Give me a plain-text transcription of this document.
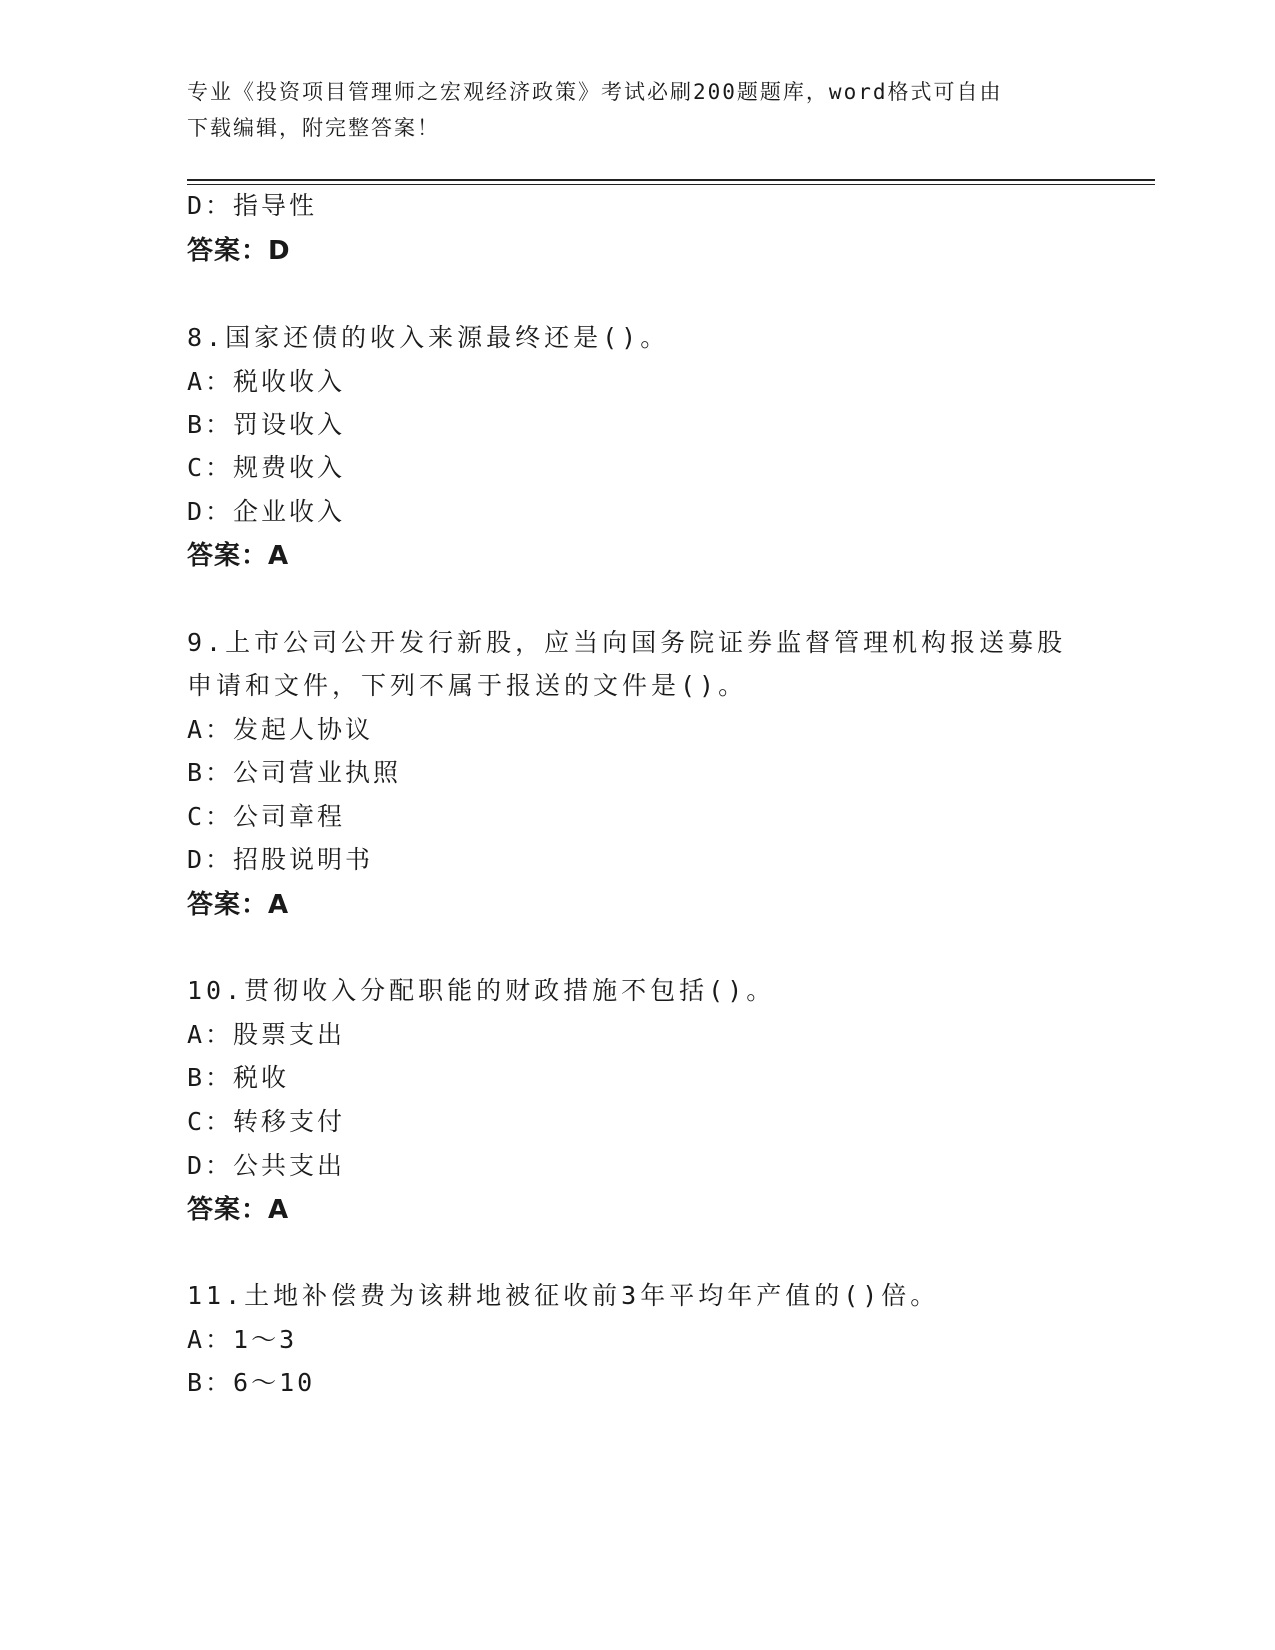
专业《投资项目管理师之宏观经济政策》考试必刷200题题库，word格式可自由
下载编辑，附完整答案！
D：指导性
答案：D
8.国家还债的收入来源最终还是()。
A：税收收入
B：罚设收入
C：规费收入
D：企业收入
答案：A
9.上市公司公开发行新股，应当向国务院证券监督管理机构报送募股
申请和文件，下列不属于报送的文件是()。
A：发起人协议
B：公司营业执照
C：公司章程
D：招股说明书
答案：A
10.贯彻收入分配职能的财政措施不包括()。
A：股票支出
B：税收
C：转移支付
D：公共支出
答案：A
11.土地补偿费为该耕地被征收前3年平均年产值的()倍。
A：1～3
B：6～10
